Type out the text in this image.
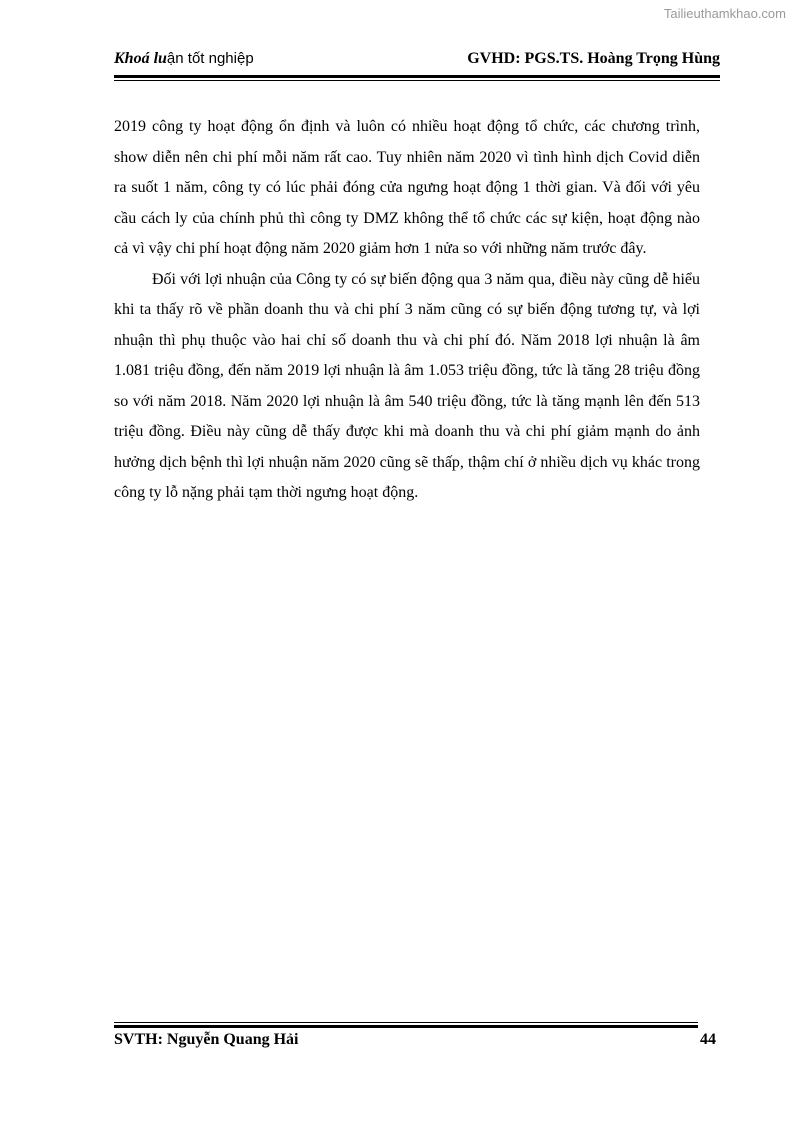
Tailieuthamkhao.com
Khoá luận tốt nghiệp	GVHD: PGS.TS. Hoàng Trọng Hùng

2019 công ty hoạt động ổn định và luôn có nhiều hoạt động tổ chức, các chương trình, show diễn nên chi phí mỗi năm rất cao. Tuy nhiên năm 2020 vì tình hình dịch Covid diễn ra suốt 1 năm, công ty có lúc phải đóng cửa ngưng hoạt động 1 thời gian. Và đối với yêu cầu cách ly của chính phủ thì công ty DMZ không thể tổ chức các sự kiện, hoạt động nào cả vì vậy chi phí hoạt động năm 2020 giảm hơn 1 nửa so với những năm trước đây.

Đối với lợi nhuận của Công ty có sự biến động qua 3 năm qua, điều này cũng dễ hiểu khi ta thấy rõ về phần doanh thu và chi phí 3 năm cũng có sự biến động tương tự, và lợi nhuận thì phụ thuộc vào hai chỉ số doanh thu và chi phí đó. Năm 2018 lợi nhuận là âm 1.081 triệu đồng, đến năm 2019 lợi nhuận là âm 1.053 triệu đồng, tức là tăng 28 triệu đồng so với năm 2018. Năm 2020 lợi nhuận là âm 540 triệu đồng, tức là tăng mạnh lên đến 513 triệu đồng. Điều này cũng dễ thấy được khi mà doanh thu và chi phí giảm mạnh do ảnh hưởng dịch bệnh thì lợi nhuận năm 2020 cũng sẽ thấp, thậm chí ở nhiều dịch vụ khác trong công ty lỗ nặng phải tạm thời ngưng hoạt động.

SVTH: Nguyễn Quang Hải	44
